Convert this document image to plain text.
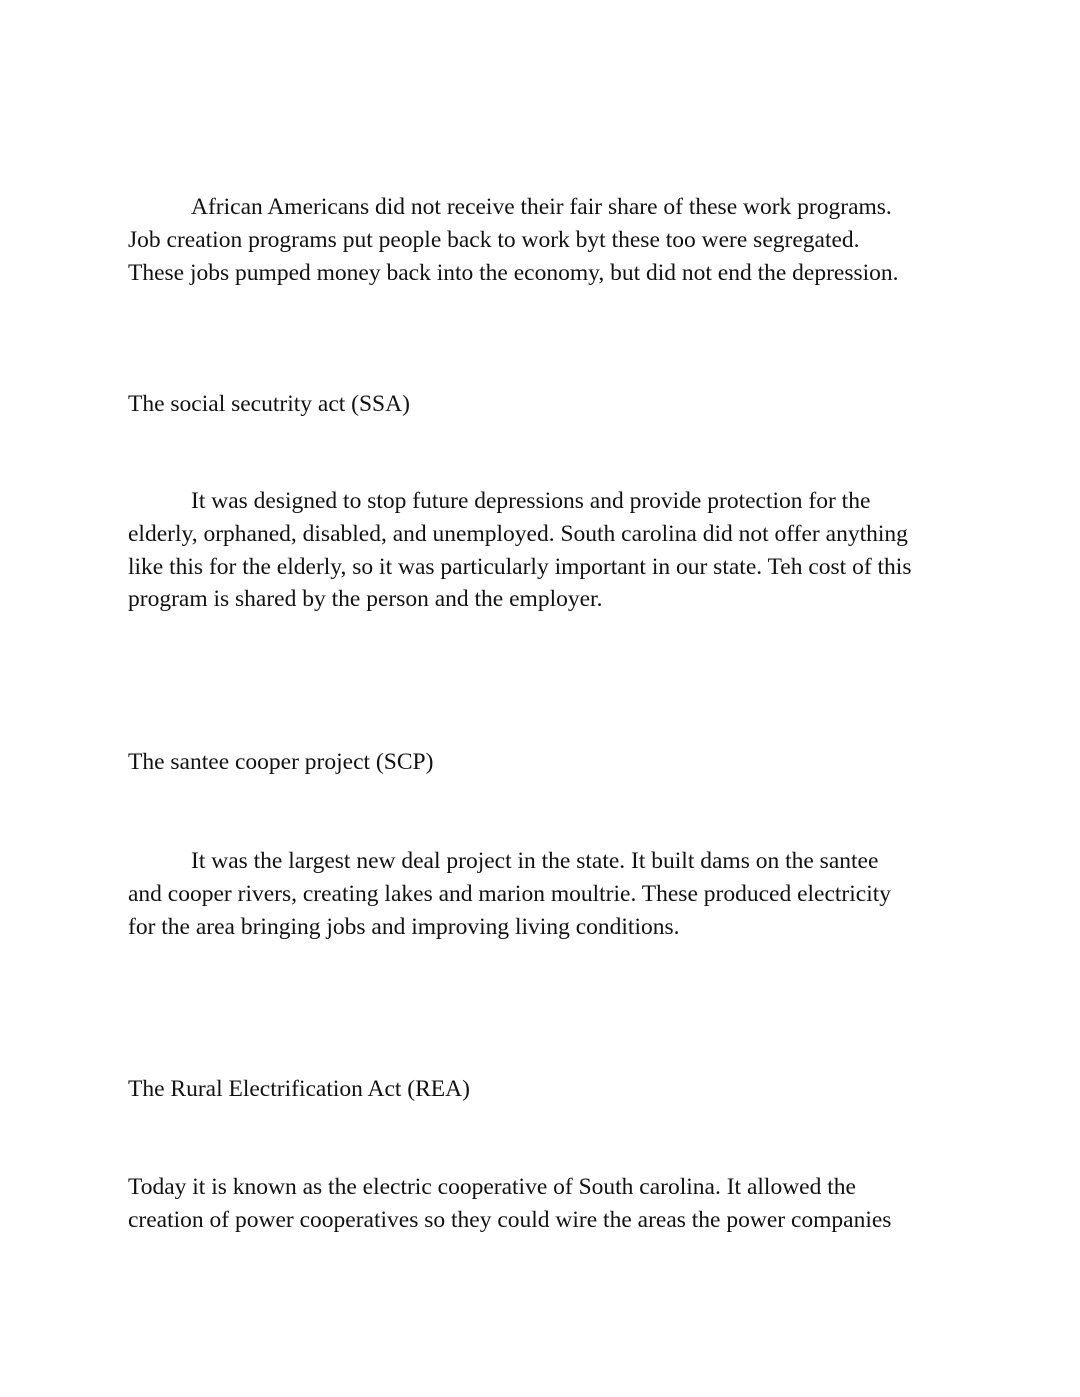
African Americans did not receive their fair share of these work programs.
Job creation programs put people back to work byt these too were segregated.
These jobs pumped money back into the economy, but did not end the depression.

The social secutrity act (SSA)

It was designed to stop future depressions and provide protection for the
elderly, orphaned, disabled, and unemployed. South carolina did not offer anything
like this for the elderly, so it was particularly important in our state. Teh cost of this
program is shared by the person and the employer.

The santee cooper project (SCP)

It was the largest new deal project in the state. It built dams on the santee
and cooper rivers, creating lakes and marion moultrie. These produced electricity
for the area bringing jobs and improving living conditions.

The Rural Electrification Act (REA)

Today it is known as the electric cooperative of South carolina. It allowed the
creation of power cooperatives so they could wire the areas the power companies
